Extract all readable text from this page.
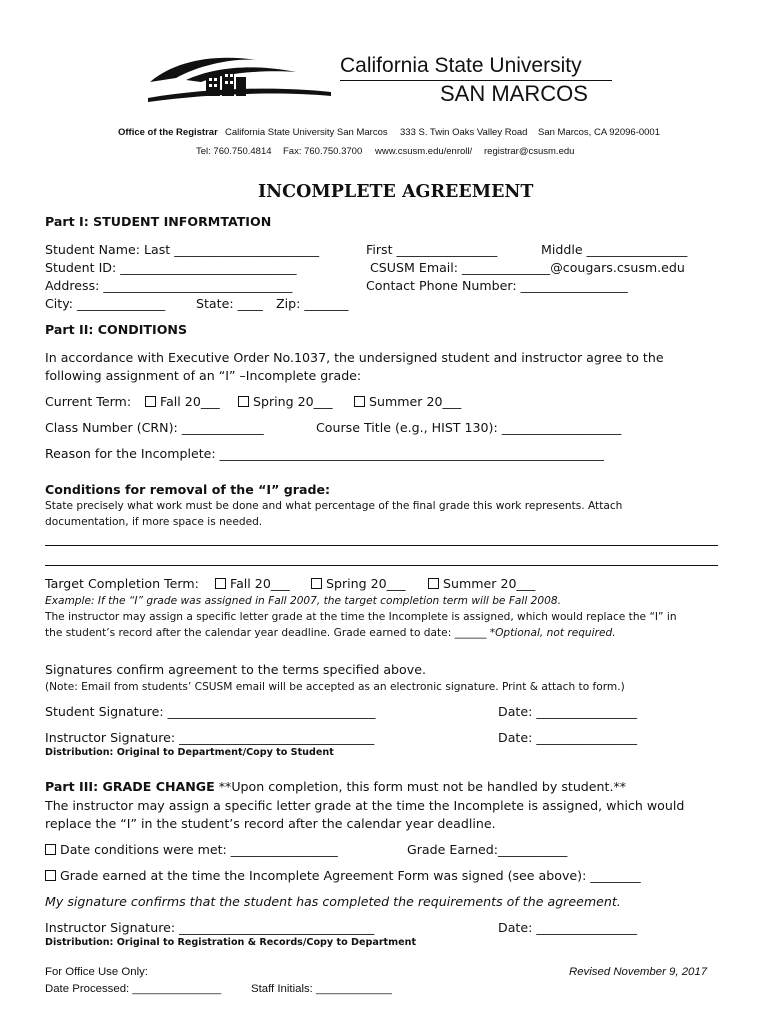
California State University
SAN MARCOS
Office of the Registrar California State University San Marcos 333 S. Twin Oaks Valley Road San Marcos, CA 92096-0001
Tel: 760.750.4814 Fax: 760.750.3700 www.csusm.edu/enroll/ registrar@csusm.edu
INCOMPLETE AGREEMENT
Part I: STUDENT INFORMTATION
Student Name: Last _______________________	First ________________	Middle ________________
Student ID: ____________________________	CSUSM Email: ______________@cougars.csusm.edu
Address: ______________________________	Contact Phone Number: _________________
City: ______________ State: ____ Zip: _______
Part II: CONDITIONS
In accordance with Executive Order No.1037, the undersigned student and instructor agree to the
following assignment of an “I” –Incomplete grade:
Current Term:	Fall 20___	Spring 20___	Summer 20___
Class Number (CRN): _____________	Course Title (e.g., HIST 130): ___________________
Reason for the Incomplete: _____________________________________________________________
Conditions for removal of the “I” grade:
State precisely what work must be done and what percentage of the final grade this work represents. Attach
documentation, if more space is needed.
Target Completion Term:	Fall 20___	Spring 20___	Summer 20___
Example: If the “I” grade was assigned in Fall 2007, the target completion term will be Fall 2008.
The instructor may assign a specific letter grade at the time the Incomplete is assigned, which would replace the “I” in
the student’s record after the calendar year deadline. Grade earned to date: ______ *Optional, not required.
Signatures confirm agreement to the terms specified above.
(Note: Email from students’ CSUSM email will be accepted as an electronic signature. Print & attach to form.)
Student Signature: _________________________________	Date: ________________
Instructor Signature: _______________________________	Date: ________________
Distribution: Original to Department/Copy to Student
Part III: GRADE CHANGE **Upon completion, this form must not be handled by student.**
The instructor may assign a specific letter grade at the time the Incomplete is assigned, which would
replace the “I” in the student’s record after the calendar year deadline.
Date conditions were met: _________________	Grade Earned:___________
Grade earned at the time the Incomplete Agreement Form was signed (see above): ________
My signature confirms that the student has completed the requirements of the agreement.
Instructor Signature: _______________________________	Date: ________________
Distribution: Original to Registration & Records/Copy to Department
For Office Use Only:
Date Processed: ______________	Staff Initials: ____________
Revised November 9, 2017
